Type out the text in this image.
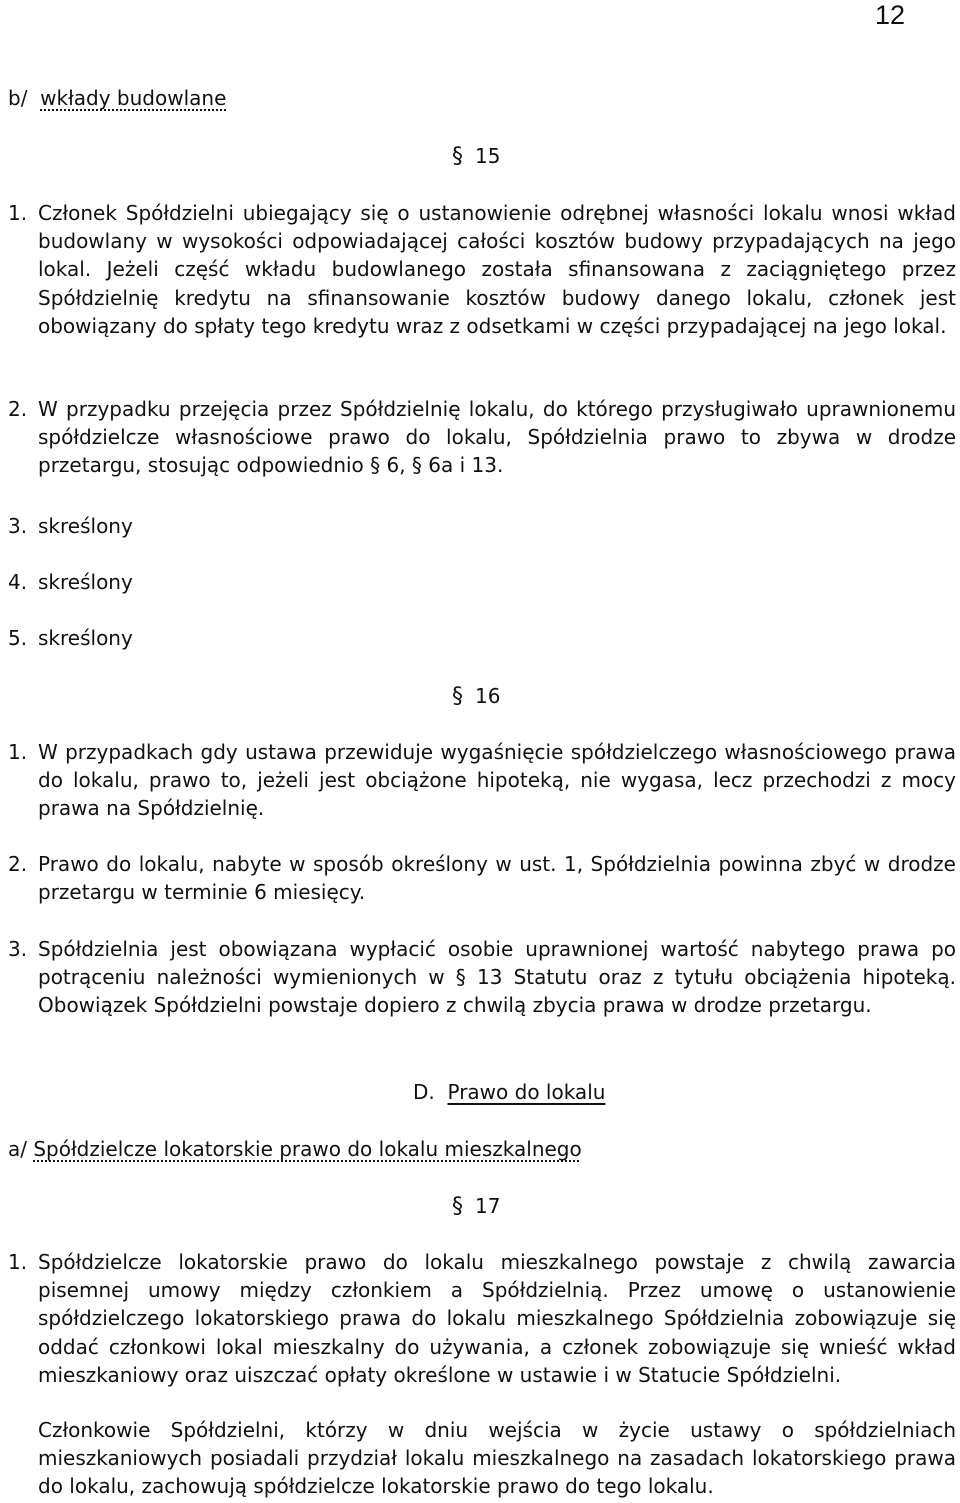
12
b/ wkłady budowlane
§ 15
1. Członek Spółdzielni ubiegający się o ustanowienie odrębnej własności lokalu wnosi wkład budowlany w wysokości odpowiadającej całości kosztów budowy przypadających na jego lokal. Jeżeli część wkładu budowlanego została sfinansowana z zaciągniętego przez Spółdzielnię kredytu na sfinansowanie kosztów budowy danego lokalu, członek jest obowiązany do spłaty tego kredytu wraz z odsetkami w części przypadającej na jego lokal.
2. W przypadku przejęcia przez Spółdzielnię lokalu, do którego przysługiwało uprawnionemu spółdzielcze własnościowe prawo do lokalu, Spółdzielnia prawo to zbywa w drodze przetargu, stosując odpowiednio § 6, § 6a i 13.
3. skreślony
4. skreślony
5. skreślony
§ 16
1. W przypadkach gdy ustawa przewiduje wygaśnięcie spółdzielczego własnościowego prawa do lokalu, prawo to, jeżeli jest obciążone hipoteką, nie wygasa, lecz przechodzi z mocy prawa na Spółdzielnię.
2. Prawo do lokalu, nabyte w sposób określony w ust. 1, Spółdzielnia powinna zbyć w drodze przetargu w terminie 6 miesięcy.
3. Spółdzielnia jest obowiązana wypłacić osobie uprawnionej wartość nabytego prawa po potrąceniu należności wymienionych w § 13 Statutu oraz z tytułu obciążenia hipoteką. Obowiązek Spółdzielni powstaje dopiero z chwilą zbycia prawa w drodze przetargu.
D. Prawo do lokalu
a/ Spółdzielcze lokatorskie prawo do lokalu mieszkalnego
§ 17
1. Spółdzielcze lokatorskie prawo do lokalu mieszkalnego powstaje z chwilą zawarcia pisemnej umowy między członkiem a Spółdzielnią. Przez umowę o ustanowienie spółdzielczego lokatorskiego prawa do lokalu mieszkalnego Spółdzielnia zobowiązuje się oddać członkowi lokal mieszkalny do używania, a członek zobowiązuje się wnieść wkład mieszkaniowy oraz uiszczać opłaty określone w ustawie i w Statucie Spółdzielni.
Członkowie Spółdzielni, którzy w dniu wejścia w życie ustawy o spółdzielniach mieszkaniowych posiadali przydział lokalu mieszkalnego na zasadach lokatorskiego prawa do lokalu, zachowują spółdzielcze lokatorskie prawo do tego lokalu.
